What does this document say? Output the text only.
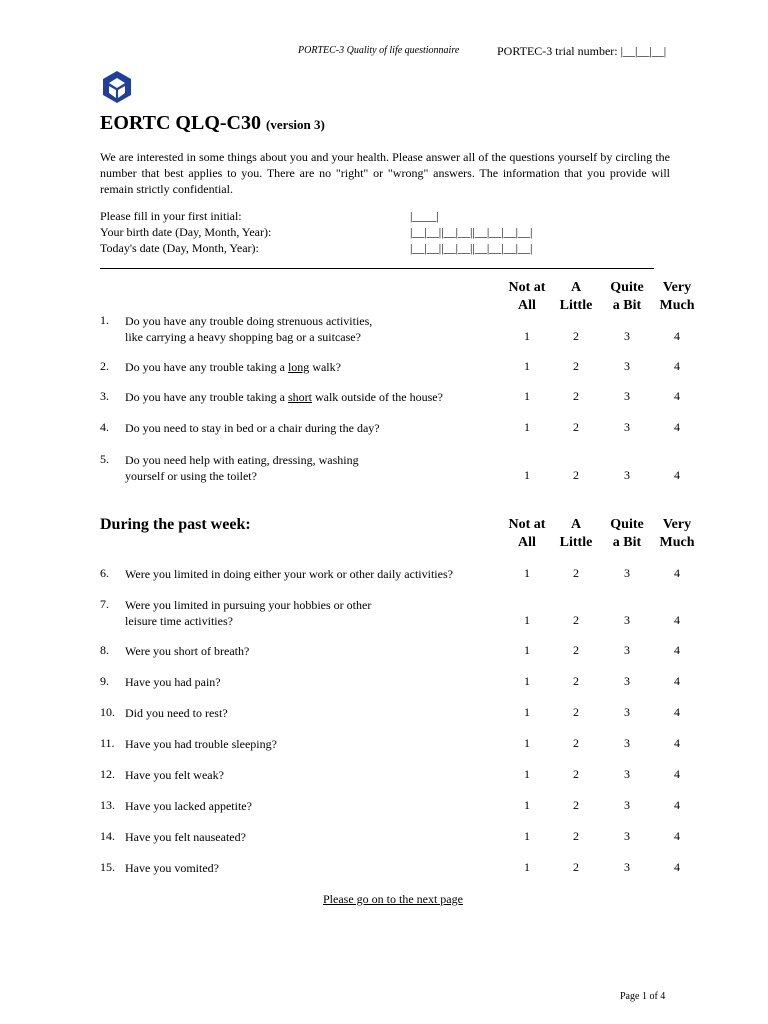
PORTEC-3 Quality of life questionnaire	PORTEC-3 trial number: |__|__|__|
EORTC QLQ-C30 (version 3)
We are interested in some things about you and your health. Please answer all of the questions yourself by circling the number that best applies to you. There are no "right" or "wrong" answers. The information that you provide will remain strictly confidential.
Please fill in your first initial:	|____|
Your birth date (Day, Month, Year):	|__|__||__|__||__|__|__|__|
Today's date (Day, Month, Year):	|__|__||__|__||__|__|__|__|
Not at
All
A
Little
Quite
a Bit
Very
Much
1. Do you have any trouble doing strenuous activities,
like carrying a heavy shopping bag or a suitcase?	1	2	3	4
2. Do you have any trouble taking a long walk?	1	2	3	4
3. Do you have any trouble taking a short walk outside of the house?	1	2	3	4
4. Do you need to stay in bed or a chair during the day?	1	2	3	4
5. Do you need help with eating, dressing, washing
yourself or using the toilet?	1	2	3	4
During the past week:	Not at
All
A
Little
Quite
a Bit
Very
Much
6. Were you limited in doing either your work or other daily activities?	1	2	3	4
7. Were you limited in pursuing your hobbies or other
leisure time activities?	1	2	3	4
8. Were you short of breath?	1	2	3	4
9. Have you had pain?	1	2	3	4
10. Did you need to rest?	1	2	3	4
11. Have you had trouble sleeping?	1	2	3	4
12. Have you felt weak?	1	2	3	4
13. Have you lacked appetite?	1	2	3	4
14. Have you felt nauseated?	1	2	3	4
15. Have you vomited?	1	2	3	4
Please go on to the next page
Page 1 of 4
